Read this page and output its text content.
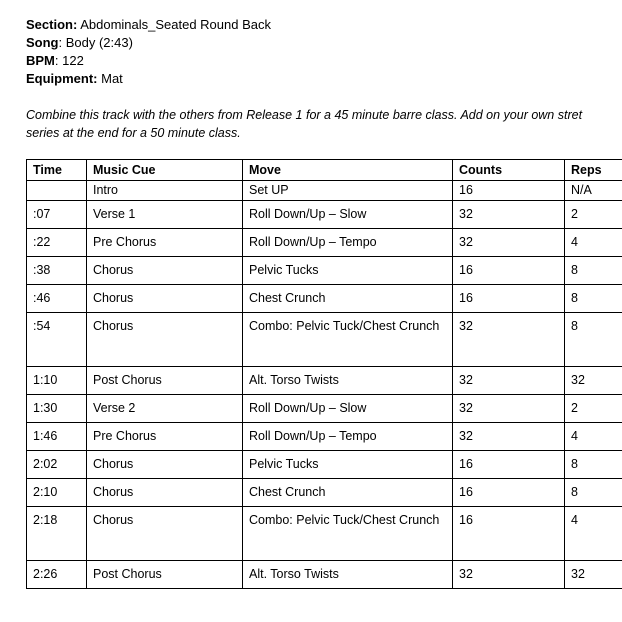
Section: Abdominals_Seated Round Back
Song: Body (2:43)
BPM: 122
Equipment: Mat
Combine this track with the others from Release 1 for a 45 minute barre class. Add on your own stret
series at the end for a 50 minute class.
Time	Music Cue	Move	Counts	Reps
	Intro	Set UP	16	N/A
:07	Verse 1	Roll Down/Up – Slow	32	2
:22	Pre Chorus	Roll Down/Up – Tempo	32	4
:38	Chorus	Pelvic Tucks	16	8
:46	Chorus	Chest Crunch	16	8
:54	Chorus	Combo: Pelvic Tuck/Chest Crunch	32	8
1:10	Post Chorus	Alt. Torso Twists	32	32
1:30	Verse 2	Roll Down/Up – Slow	32	2
1:46	Pre Chorus	Roll Down/Up – Tempo	32	4
2:02	Chorus	Pelvic Tucks	16	8
2:10	Chorus	Chest Crunch	16	8
2:18	Chorus	Combo: Pelvic Tuck/Chest Crunch	16	4
2:26	Post Chorus	Alt. Torso Twists	32	32
